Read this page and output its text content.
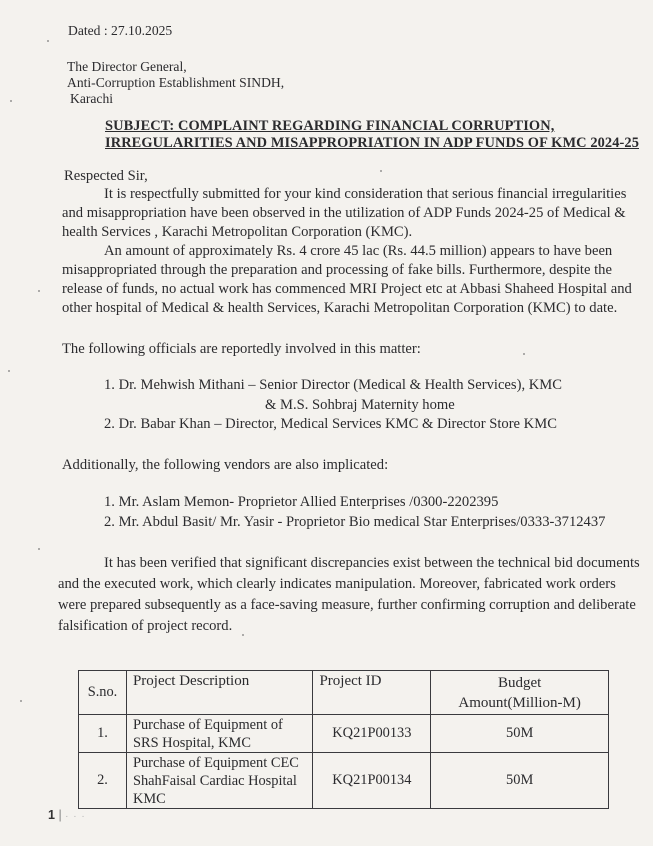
Dated : 27.10.2025
The Director General,
Anti-Corruption Establishment SINDH,
Karachi
SUBJECT: COMPLAINT REGARDING FINANCIAL CORRUPTION,
IRREGULARITIES AND MISAPPROPRIATION IN ADP FUNDS OF KMC 2024-25
Respected Sir,
It is respectfully submitted for your kind consideration that serious financial irregularities
and misappropriation have been observed in the utilization of ADP Funds 2024-25 of Medical &
health Services , Karachi Metropolitan Corporation (KMC).
An amount of approximately Rs. 4 crore 45 lac (Rs. 44.5 million) appears to have been
misappropriated through the preparation and processing of fake bills. Furthermore, despite the
release of funds, no actual work has commenced MRI Project etc at Abbasi Shaheed Hospital and
other hospital of Medical & health Services, Karachi Metropolitan Corporation (KMC) to date.
The following officials are reportedly involved in this matter:
1. Dr. Mehwish Mithani – Senior Director (Medical & Health Services), KMC
& M.S. Sohbraj Maternity home
2. Dr. Babar Khan – Director, Medical Services KMC & Director Store KMC
Additionally, the following vendors are also implicated:
1. Mr. Aslam Memon- Proprietor Allied Enterprises /0300-2202395
2. Mr. Abdul Basit/ Mr. Yasir - Proprietor Bio medical Star Enterprises/0333-3712437
It has been verified that significant discrepancies exist between the technical bid documents
and the executed work, which clearly indicates manipulation. Moreover, fabricated work orders
were prepared subsequently as a face-saving measure, further confirming corruption and deliberate
falsification of project record.
S.no.	Project Description	Project ID	Budget
Amount(Million-M)

1.	Purchase of Equipment of
SRS Hospital, KMC	KQ21P00133	50M
2.	Purchase of Equipment CEC
ShahFaisal Cardiac Hospital
KMC	KQ21P00134	50M
1 | · · ·
